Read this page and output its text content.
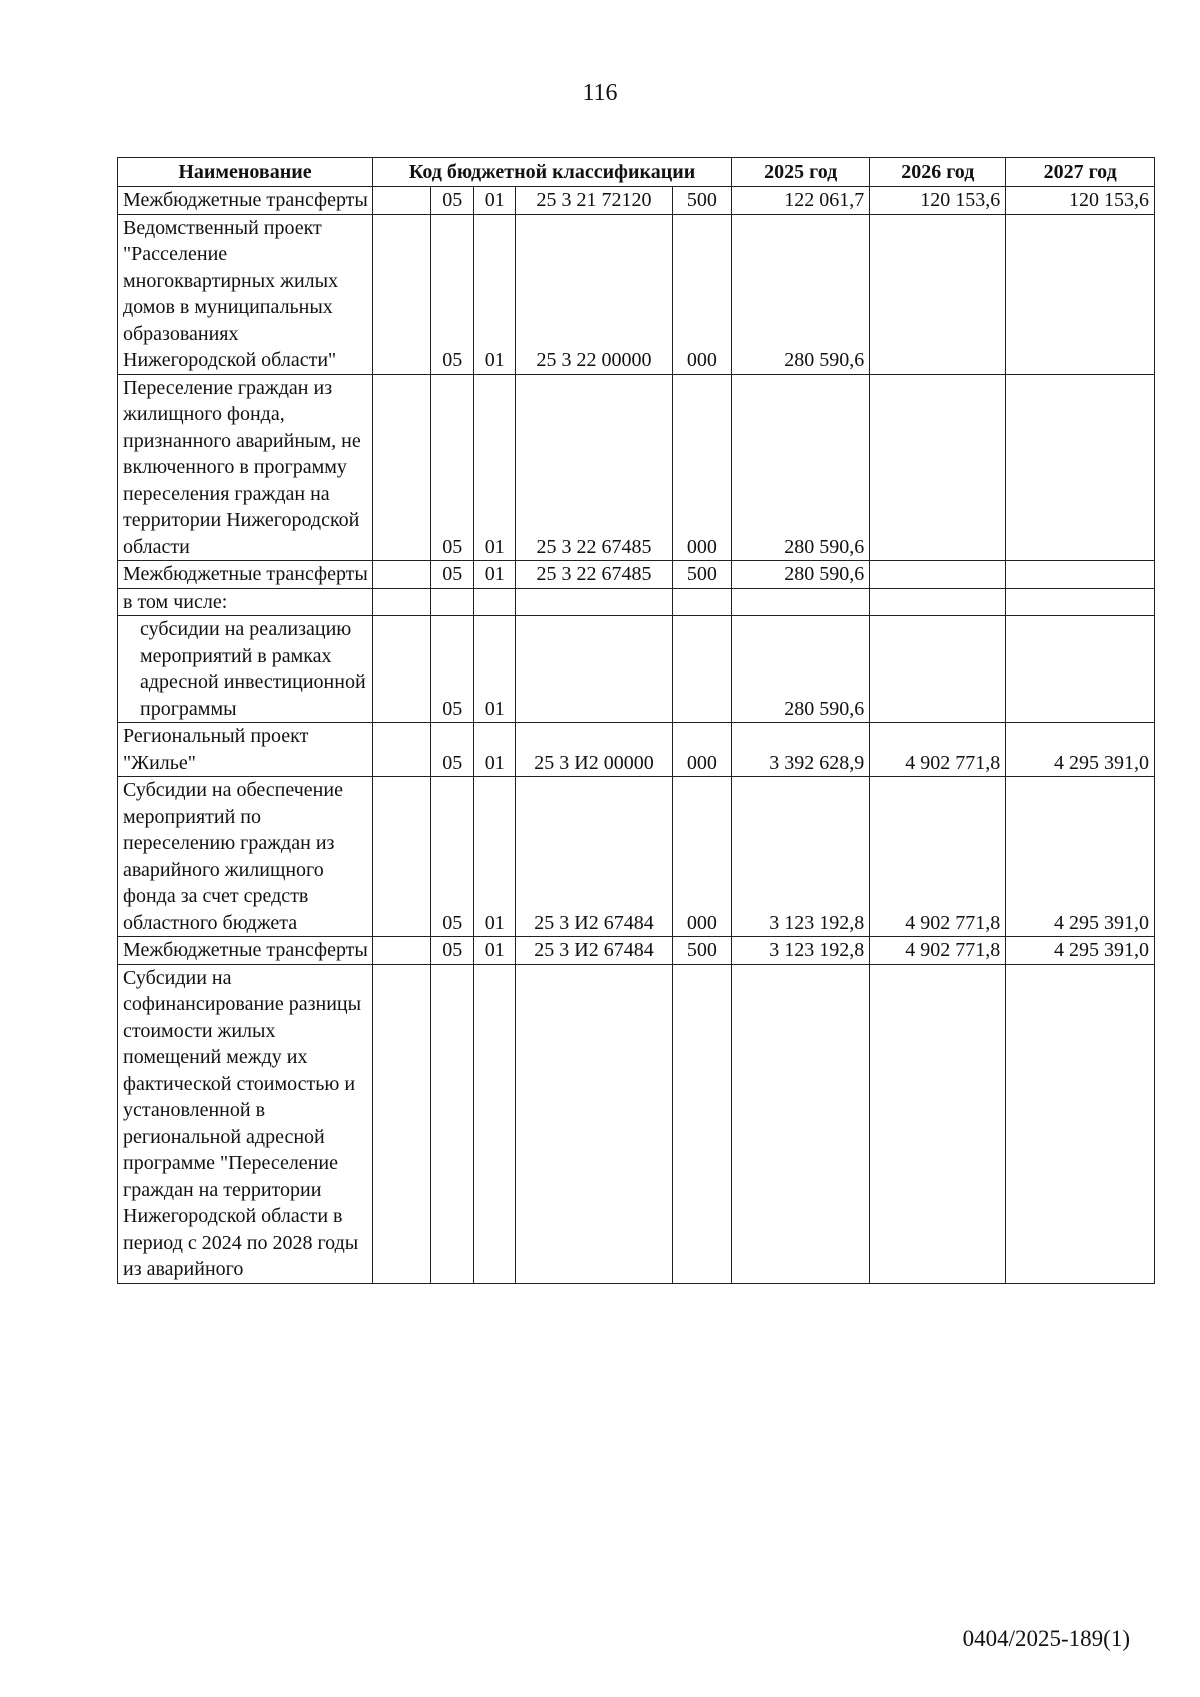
116
Наименование	Код бюджетной классификации					2025 год	2026 год	2027 год
Межбюджетные трансферты		05	01	25 3 21 72120	500	122 061,7	120 153,6	120 153,6
Ведомственный проект "Расселение многоквартирных жилых домов в муниципальных образованиях Нижегородской области"		05	01	25 3 22 00000	000	280 590,6		
Переселение граждан из жилищного фонда, признанного аварийным, не включенного в программу переселения граждан на территории Нижегородской области		05	01	25 3 22 67485	000	280 590,6		
Межбюджетные трансферты		05	01	25 3 22 67485	500	280 590,6		
в том числе:								
субсидии на реализацию мероприятий в рамках адресной инвестиционной программы		05	01			280 590,6		
Региональный проект "Жилье"		05	01	25 3 И2 00000	000	3 392 628,9	4 902 771,8	4 295 391,0
Субсидии на обеспечение мероприятий по переселению граждан из аварийного жилищного фонда за счет средств областного бюджета		05	01	25 3 И2 67484	000	3 123 192,8	4 902 771,8	4 295 391,0
Межбюджетные трансферты		05	01	25 3 И2 67484	500	3 123 192,8	4 902 771,8	4 295 391,0
Субсидии на софинансирование разницы стоимости жилых помещений между их фактической стоимостью и установленной в региональной адресной программе "Переселение граждан на территории Нижегородской области в период с 2024 по 2028 годы из аварийного								
0404/2025-189(1)
